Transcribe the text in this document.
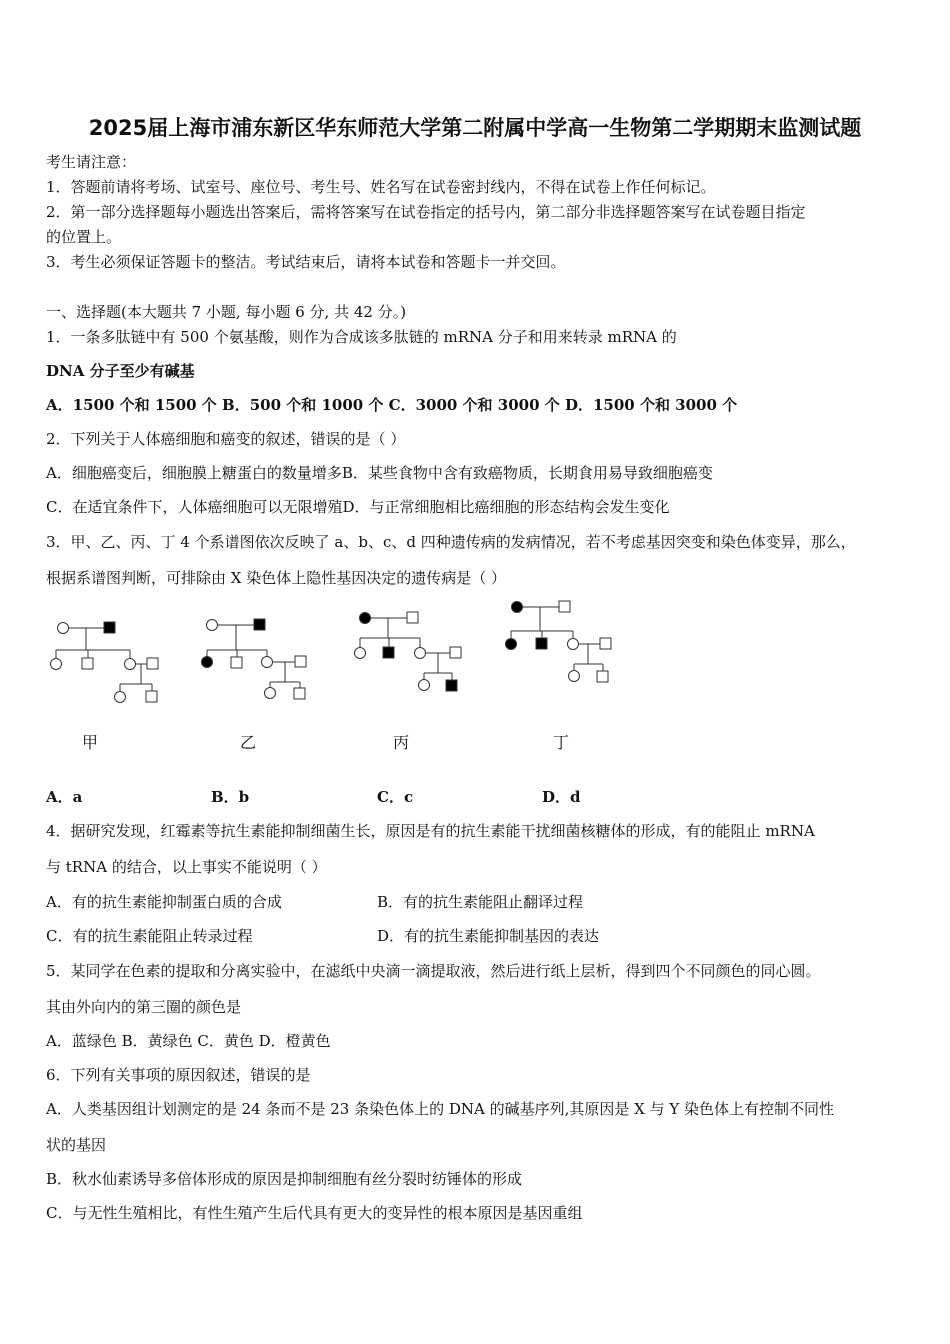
2025届上海市浦东新区华东师范大学第二附属中学高一生物第二学期期末监测试题
考生请注意：
1．答题前请将考场、试室号、座位号、考生号、姓名写在试卷密封线内，不得在试卷上作任何标记。
2．第一部分选择题每小题选出答案后，需将答案写在试卷指定的括号内，第二部分非选择题答案写在试卷题目指定
的位置上。
3．考生必须保证答题卡的整洁。考试结束后，请将本试卷和答题卡一并交回。
一、选择题(本大题共 7 小题, 每小题 6 分, 共 42 分。)
1．一条多肽链中有 500 个氨基酸，则作为合成该多肽链的 mRNA 分子和用来转录 mRNA 的
DNA 分子至少有碱基
A．1500 个和 1500 个 B．500 个和 1000 个 C．3000 个和 3000 个 D．1500 个和 3000 个
2．下列关于人体癌细胞和癌变的叙述，错误的是（ ）
A．细胞癌变后，细胞膜上糖蛋白的数量增多B．某些食物中含有致癌物质，长期食用易导致细胞癌变
C．在适宜条件下，人体癌细胞可以无限增殖D．与正常细胞相比癌细胞的形态结构会发生变化
3．甲、乙、丙、丁 4 个系谱图依次反映了 a、b、c、d 四种遗传病的发病情况，若不考虑基因突变和染色体变异，那么，
根据系谱图判断，可排除由 X 染色体上隐性基因决定的遗传病是（ ）
甲	乙	丙	丁
A．a	B．b	C．c	D．d
4．据研究发现，红霉素等抗生素能抑制细菌生长，原因是有的抗生素能干扰细菌核糖体的形成，有的能阻止 mRNA
与 tRNA 的结合，以上事实不能说明（ ）
A．有的抗生素能抑制蛋白质的合成	B．有的抗生素能阻止翻译过程
C．有的抗生素能阻止转录过程	D．有的抗生素能抑制基因的表达
5．某同学在色素的提取和分离实验中，在滤纸中央滴一滴提取液，然后进行纸上层析，得到四个不同颜色的同心圆。
其由外向内的第三圈的颜色是
A．蓝绿色 B．黄绿色 C．黄色 D．橙黄色
6．下列有关事项的原因叙述，错误的是
A．人类基因组计划测定的是 24 条而不是 23 条染色体上的 DNA 的碱基序列,其原因是 X 与 Y 染色体上有控制不同性
状的基因
B．秋水仙素诱导多倍体形成的原因是抑制细胞有丝分裂时纺锤体的形成
C．与无性生殖相比，有性生殖产生后代具有更大的变异性的根本原因是基因重组
